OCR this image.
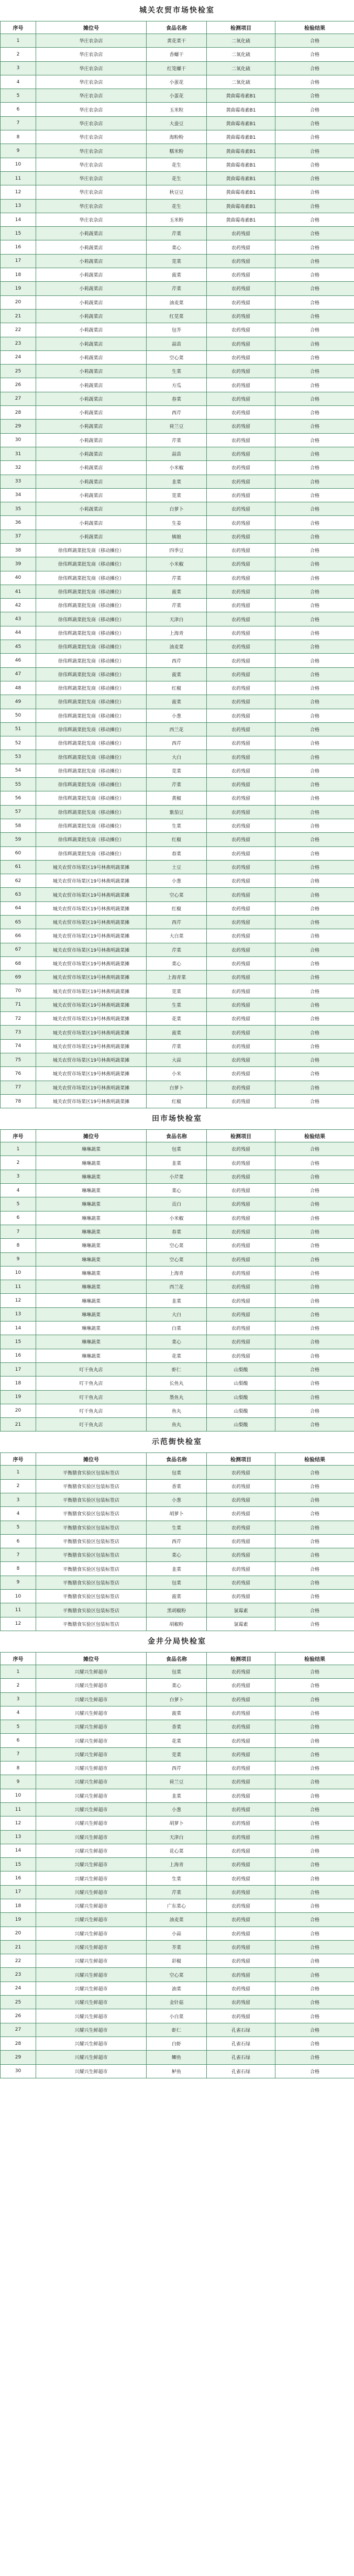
城关农贸市场快检室
序号	摊位号	食品名称	检测项目	检验结果
1	华庄农杂店	黄花菜干	二氧化硫	合格
2	华庄农杂店	香螺干	二氧化硫	合格
3	华庄农杂店	红笕螺干	二氧化硫	合格
4	华庄农杂店	小蛋花	二氧化硫	合格
5	华庄农杂店	小蛋花	黄曲霉毒素B1	合格
6	华庄农杂店	玉米粒	黄曲霉毒素B1	合格
7	华庄农杂店	大蚕豆	黄曲霉毒素B1	合格
8	华庄农杂店	海粉粉	黄曲霉毒素B1	合格
9	华庄农杂店	糯米粉	黄曲霉毒素B1	合格
10	华庄农杂店	花生	黄曲霉毒素B1	合格
11	华庄农杂店	花生	黄曲霉毒素B1	合格
12	华庄农杂店	秋豆豆	黄曲霉毒素B1	合格
13	华庄农杂店	花生	黄曲霉毒素B1	合格
14	华庄农杂店	玉米粉	黄曲霉毒素B1	合格
15	小莉蔬菜店	芹菜	农药残留	合格
16	小莉蔬菜店	菜心	农药残留	合格
17	小莉蔬菜店	苋菜	农药残留	合格
18	小莉蔬菜店	菠菜	农药残留	合格
19	小莉蔬菜店	芹菜	农药残留	合格
20	小莉蔬菜店	油麦菜	农药残留	合格
21	小莉蔬菜店	红苋菜	农药残留	合格
22	小莉蔬菜店	包芥	农药残留	合格
23	小莉蔬菜店	蒜苗	农药残留	合格
24	小莉蔬菜店	空心菜	农药残留	合格
25	小莉蔬菜店	生菜	农药残留	合格
26	小莉蔬菜店	方瓜	农药残留	合格
27	小莉蔬菜店	春菜	农药残留	合格
28	小莉蔬菜店	西芹	农药残留	合格
29	小莉蔬菜店	荷兰豆	农药残留	合格
30	小莉蔬菜店	芹菜	农药残留	合格
31	小莉蔬菜店	蒜苗	农药残留	合格
32	小莉蔬菜店	小米椒	农药残留	合格
33	小莉蔬菜店	韭菜	农药残留	合格
34	小莉蔬菜店	苋菜	农药残留	合格
35	小莉蔬菜店	白萝卜	农药残留	合格
36	小莉蔬菜店	生姜	农药残留	合格
37	小莉蔬菜店	姨娘	农药残留	合格
38	徐伟辉蔬菜批发商（移动摊位）	四季豆	农药残留	合格
39	徐伟辉蔬菜批发商（移动摊位）	小米椒	农药残留	合格
40	徐伟辉蔬菜批发商（移动摊位）	芹菜	农药残留	合格
41	徐伟辉蔬菜批发商（移动摊位）	菠菜	农药残留	合格
42	徐伟辉蔬菜批发商（移动摊位）	芹菜	农药残留	合格
43	徐伟辉蔬菜批发商（移动摊位）	天津白	农药残留	合格
44	徐伟辉蔬菜批发商（移动摊位）	上海青	农药残留	合格
45	徐伟辉蔬菜批发商（移动摊位）	油麦菜	农药残留	合格
46	徐伟辉蔬菜批发商（移动摊位）	西芹	农药残留	合格
47	徐伟辉蔬菜批发商（移动摊位）	菠菜	农药残留	合格
48	徐伟辉蔬菜批发商（移动摊位）	红椒	农药残留	合格
49	徐伟辉蔬菜批发商（移动摊位）	菠菜	农药残留	合格
50	徐伟辉蔬菜批发商（移动摊位）	小葱	农药残留	合格
51	徐伟辉蔬菜批发商（移动摊位）	西兰花	农药残留	合格
52	徐伟辉蔬菜批发商（移动摊位）	西芹	农药残留	合格
53	徐伟辉蔬菜批发商（移动摊位）	大白	农药残留	合格
54	徐伟辉蔬菜批发商（移动摊位）	苋菜	农药残留	合格
55	徐伟辉蔬菜批发商（移动摊位）	芹菜	农药残留	合格
56	徐伟辉蔬菜批发商（移动摊位）	黄椒	农药残留	合格
57	徐伟辉蔬菜批发商（移动摊位）	紫茄豆	农药残留	合格
58	徐伟辉蔬菜批发商（移动摊位）	生菜	农药残留	合格
59	徐伟辉蔬菜批发商（移动摊位）	红椒	农药残留	合格
60	徐伟辉蔬菜批发商（移动摊位）	春菜	农药残留	合格
61	城关农贸市场菜区19号林燕明蔬菜摊	土豆	农药残留	合格
62	城关农贸市场菜区19号林燕明蔬菜摊	小葱	农药残留	合格
63	城关农贸市场菜区19号林燕明蔬菜摊	空心菜	农药残留	合格
64	城关农贸市场菜区19号林燕明蔬菜摊	红椒	农药残留	合格
65	城关农贸市场菜区19号林燕明蔬菜摊	西芹	农药残留	合格
66	城关农贸市场菜区19号林燕明蔬菜摊	大白菜	农药残留	合格
67	城关农贸市场菜区19号林燕明蔬菜摊	芹菜	农药残留	合格
68	城关农贸市场菜区19号林燕明蔬菜摊	菜心	农药残留	合格
69	城关农贸市场菜区19号林燕明蔬菜摊	上海青菜	农药残留	合格
70	城关农贸市场菜区19号林燕明蔬菜摊	苋菜	农药残留	合格
71	城关农贸市场菜区19号林燕明蔬菜摊	生菜	农药残留	合格
72	城关农贸市场菜区19号林燕明蔬菜摊	花菜	农药残留	合格
73	城关农贸市场菜区19号林燕明蔬菜摊	菠菜	农药残留	合格
74	城关农贸市场菜区19号林燕明蔬菜摊	芹菜	农药残留	合格
75	城关农贸市场菜区19号林燕明蔬菜摊	大蒜	农药残留	合格
76	城关农贸市场菜区19号林燕明蔬菜摊	小米	农药残留	合格
77	城关农贸市场菜区19号林燕明蔬菜摊	白萝卜	农药残留	合格
78	城关农贸市场菜区19号林燕明蔬菜摊	红椒	农药残留	合格
田市场快检室
序号	摊位号	食品名称	检测项目	检验结果
1	琳琳蔬菜	包菜	农药残留	合格
2	琳琳蔬菜	韭菜	农药残留	合格
3	琳琳蔬菜	小芹菜	农药残留	合格
4	琳琳蔬菜	菜心	农药残留	合格
5	琳琳蔬菜	贡白	农药残留	合格
6	琳琳蔬菜	小米椒	农药残留	合格
7	琳琳蔬菜	春菜	农药残留	合格
8	琳琳蔬菜	空心菜	农药残留	合格
9	琳琳蔬菜	空心菜	农药残留	合格
10	琳琳蔬菜	上海青	农药残留	合格
11	琳琳蔬菜	西兰花	农药残留	合格
12	琳琳蔬菜	韭菜	农药残留	合格
13	琳琳蔬菜	大白	农药残留	合格
14	琳琳蔬菜	白菜	农药残留	合格
15	琳琳蔬菜	菜心	农药残留	合格
16	琳琳蔬菜	花菜	农药残留	合格
17	叮干鱼丸店	虾仁	山梨酸	合格
18	叮干鱼丸店	长鱼丸	山梨酸	合格
19	叮干鱼丸店	墨鱼丸	山梨酸	合格
20	叮干鱼丸店	鱼丸	山梨酸	合格
21	叮干鱼丸店	鱼丸	山梨酸	合格
示范街快检室
序号	摊位号	食品名称	检测项目	检验结果
1	平衡膳食实验区包装标签店	包菜	农药残留	合格
2	平衡膳食实验区包装标签店	香菜	农药残留	合格
3	平衡膳食实验区包装标签店	小葱	农药残留	合格
4	平衡膳食实验区包装标签店	胡萝卜	农药残留	合格
5	平衡膳食实验区包装标签店	生菜	农药残留	合格
6	平衡膳食实验区包装标签店	西芹	农药残留	合格
7	平衡膳食实验区包装标签店	菜心	农药残留	合格
8	平衡膳食实验区包装标签店	韭菜	农药残留	合格
9	平衡膳食实验区包装标签店	包菜	农药残留	合格
10	平衡膳食实验区包装标签店	菠菜	农药残留	合格
11	平衡膳食实验区包装标签店	黑胡椒粉	氯霉素	合格
12	平衡膳食实验区包装标签店	胡椒粉	氯霉素	合格
金井分局快检室
序号	摊位号	食品名称	检测项目	检验结果
1	兴耀兴生鲜超市	包菜	农药残留	合格
2	兴耀兴生鲜超市	菜心	农药残留	合格
3	兴耀兴生鲜超市	白萝卜	农药残留	合格
4	兴耀兴生鲜超市	菠菜	农药残留	合格
5	兴耀兴生鲜超市	香菜	农药残留	合格
6	兴耀兴生鲜超市	花菜	农药残留	合格
7	兴耀兴生鲜超市	苋菜	农药残留	合格
8	兴耀兴生鲜超市	西芹	农药残留	合格
9	兴耀兴生鲜超市	荷兰豆	农药残留	合格
10	兴耀兴生鲜超市	韭菜	农药残留	合格
11	兴耀兴生鲜超市	小葱	农药残留	合格
12	兴耀兴生鲜超市	胡萝卜	农药残留	合格
13	兴耀兴生鲜超市	天津白	农药残留	合格
14	兴耀兴生鲜超市	花心菜	农药残留	合格
15	兴耀兴生鲜超市	上海青	农药残留	合格
16	兴耀兴生鲜超市	生菜	农药残留	合格
17	兴耀兴生鲜超市	芹菜	农药残留	合格
18	兴耀兴生鲜超市	广东菜心	农药残留	合格
19	兴耀兴生鲜超市	油麦菜	农药残留	合格
20	兴耀兴生鲜超市	小蒜	农药残留	合格
21	兴耀兴生鲜超市	芥菜	农药残留	合格
22	兴耀兴生鲜超市	彩椒	农药残留	合格
23	兴耀兴生鲜超市	空心菜	农药残留	合格
24	兴耀兴生鲜超市	油菜	农药残留	合格
25	兴耀兴生鲜超市	金针菇	农药残留	合格
26	兴耀兴生鲜超市	小白菜	农药残留	合格
27	兴耀兴生鲜超市	虾仁	孔雀石绿	合格
28	兴耀兴生鲜超市	白虾	孔雀石绿	合格
29	兴耀兴生鲜超市	鲫鱼	孔雀石绿	合格
30	兴耀兴生鲜超市	鲈鱼	孔雀石绿	合格
